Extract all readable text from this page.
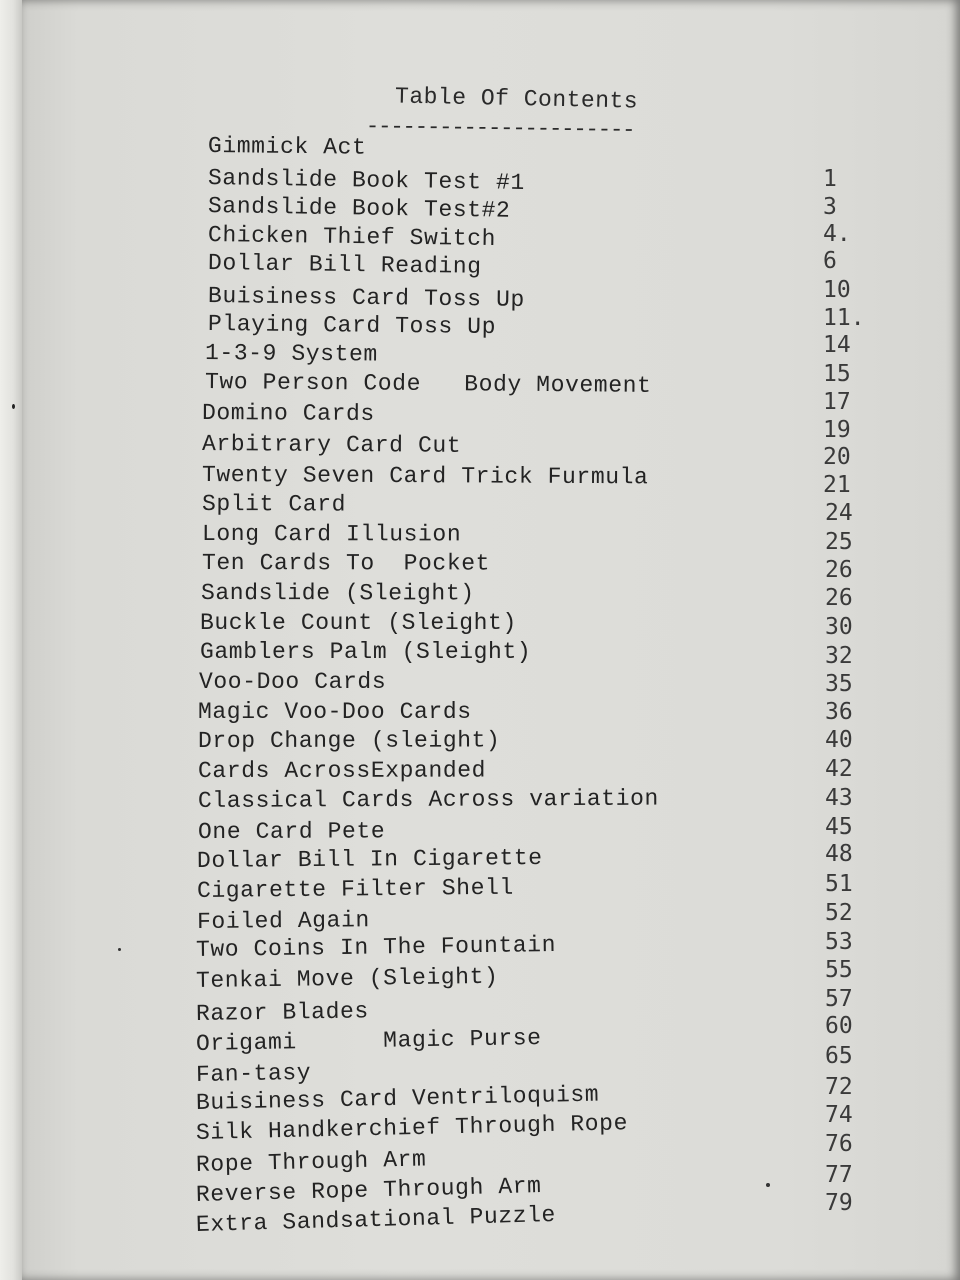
Table Of Contents
----------------------
Gimmick Act
Sandslide Book Test #1
Sandslide Book Test#2
Chicken Thief Switch
Dollar Bill Reading
Buisiness Card Toss Up
Playing Card Toss Up
1-3-9 System
Two Person Code   Body Movement
Domino Cards
Arbitrary Card Cut
Twenty Seven Card Trick Furmula
Split Card
Long Card Illusion
Ten Cards To  Pocket
Sandslide (Sleight)
Buckle Count (Sleight)
Gamblers Palm (Sleight)
Voo-Doo Cards
Magic Voo-Doo Cards
Drop Change (sleight)
Cards AcrossExpanded
Classical Cards Across variation
One Card Pete
Dollar Bill In Cigarette
Cigarette Filter Shell
Foiled Again
Two Coins In The Fountain
Tenkai Move (Sleight)
Razor Blades
Origami      Magic Purse
Fan-tasy
Buisiness Card Ventriloquism
Silk Handkerchief Through Rope
Rope Through Arm
Reverse Rope Through Arm
Extra Sandsational Puzzle
1
3
4.
6
10
11.
14
15
17
19
20
21
24
25
26
26
30
32
35
36
40
42
43
45
48
51
52
53
55
57
60
65
72
74
76
77
79
